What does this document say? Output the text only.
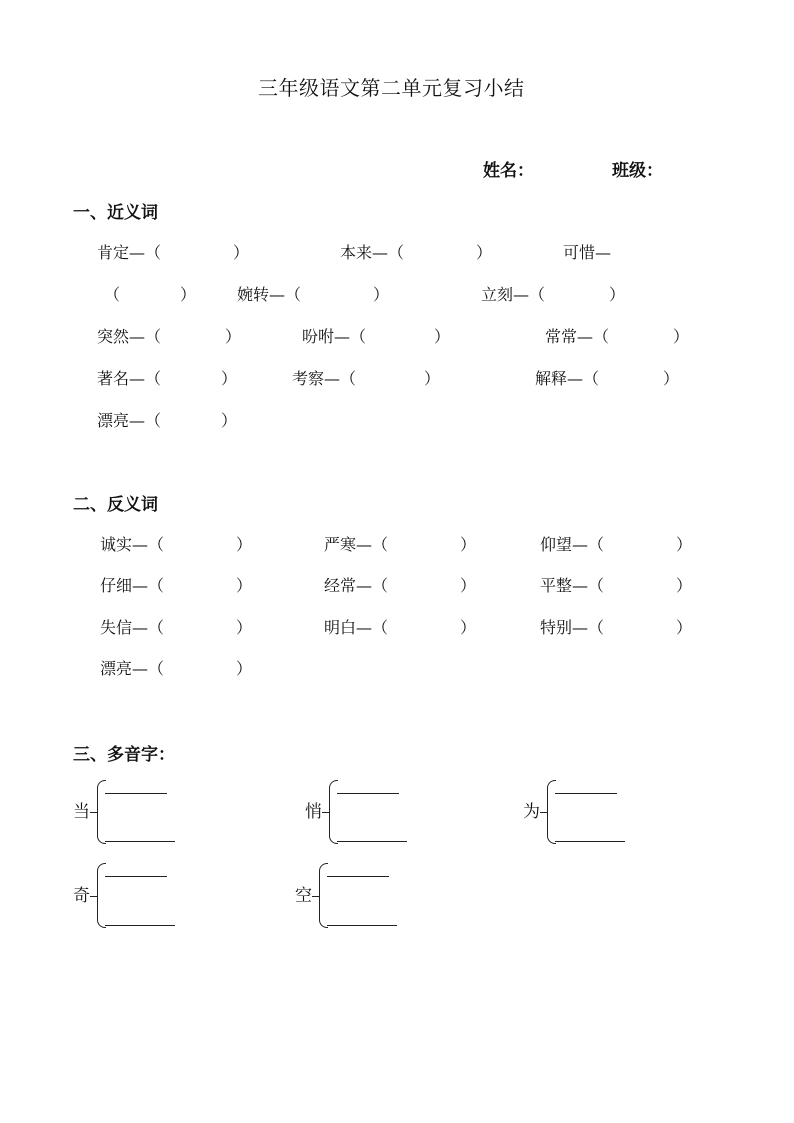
三年级语文第二单元复习小结
姓名：	班级：
一、近义词
肯定—（	）	本来—（	）	可惜—
（	）	婉转—（	）	立刻—（	）
突然—（	）	吩咐—（	）	常常—（	）
著名—（	）	考察—（	）	解释—（	）
漂亮—（	）
二、反义词
诚实—（	）	严寒—（	）	仰望—（	）
仔细—（	）	经常—（	）	平整—（	）
失信—（	）	明白—（	）	特别—（	）
漂亮—（	）
三、多音字：
当	悄	为
奇	空
